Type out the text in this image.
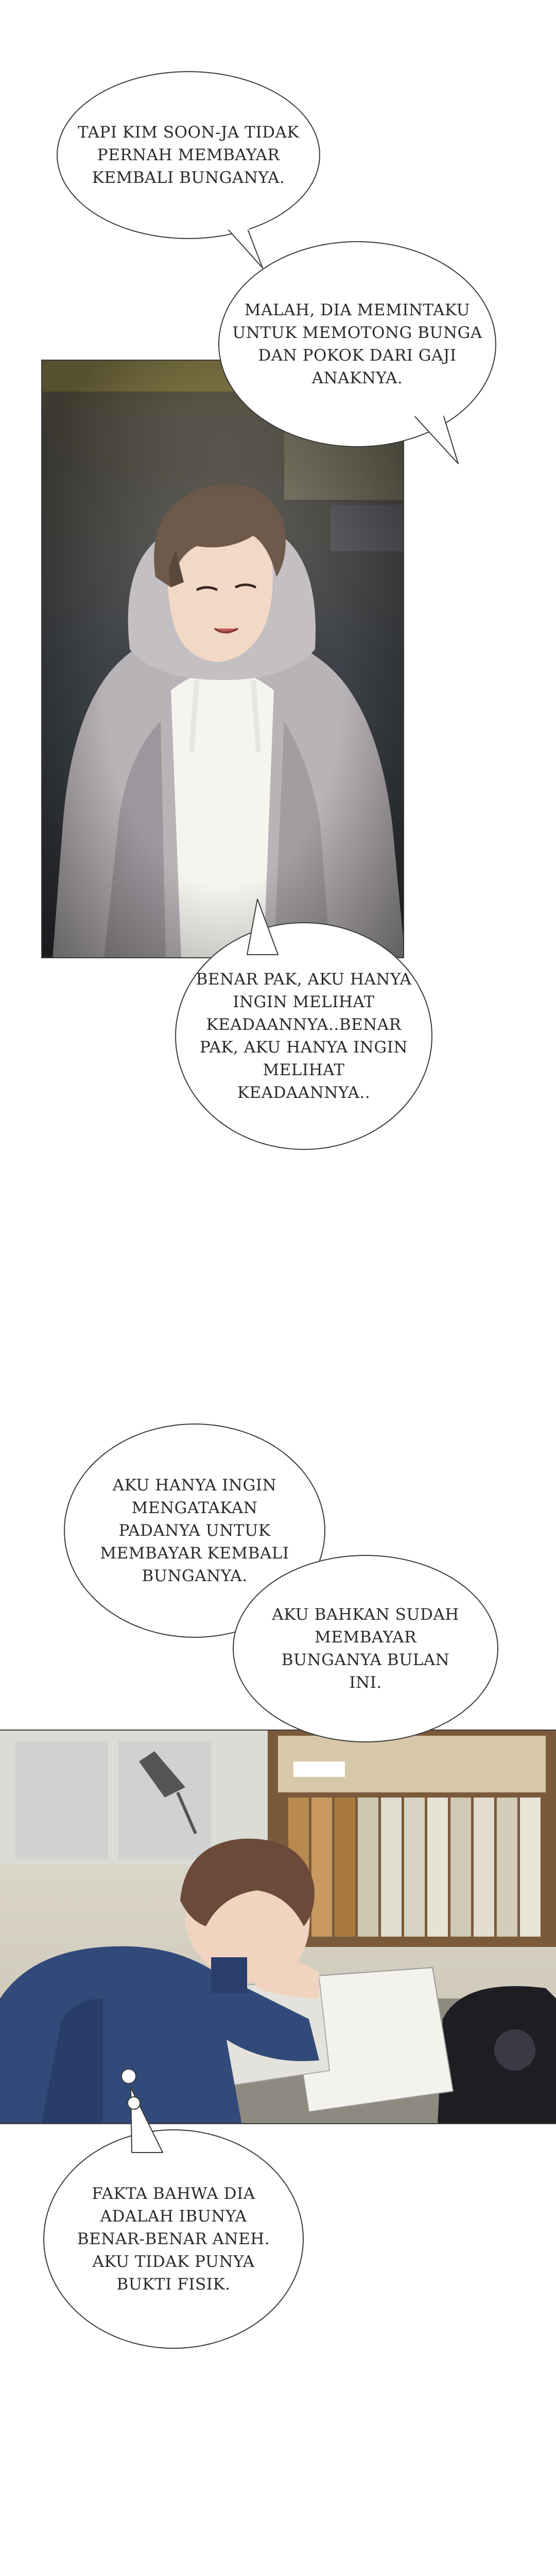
TAPI KIM SOON-JA TIDAK
PERNAH MEMBAYAR
KEMBALI BUNGANYA.
MALAH, DIA MEMINTAKU
UNTUK MEMOTONG BUNGA
DAN POKOK DARI GAJI
ANAKNYA.
BENAR PAK, AKU HANYA
INGIN MELIHAT
KEADAANNYA..BENAR
PAK, AKU HANYA INGIN
MELIHAT
KEADAANNYA..
AKU HANYA INGIN
MENGATAKAN
PADANYA UNTUK
MEMBAYAR KEMBALI
BUNGANYA.
AKU BAHKAN SUDAH
MEMBAYAR
BUNGANYA BULAN
INI.
FAKTA BAHWA DIA
ADALAH IBUNYA
BENAR-BENAR ANEH.
AKU TIDAK PUNYA
BUKTI FISIK.
